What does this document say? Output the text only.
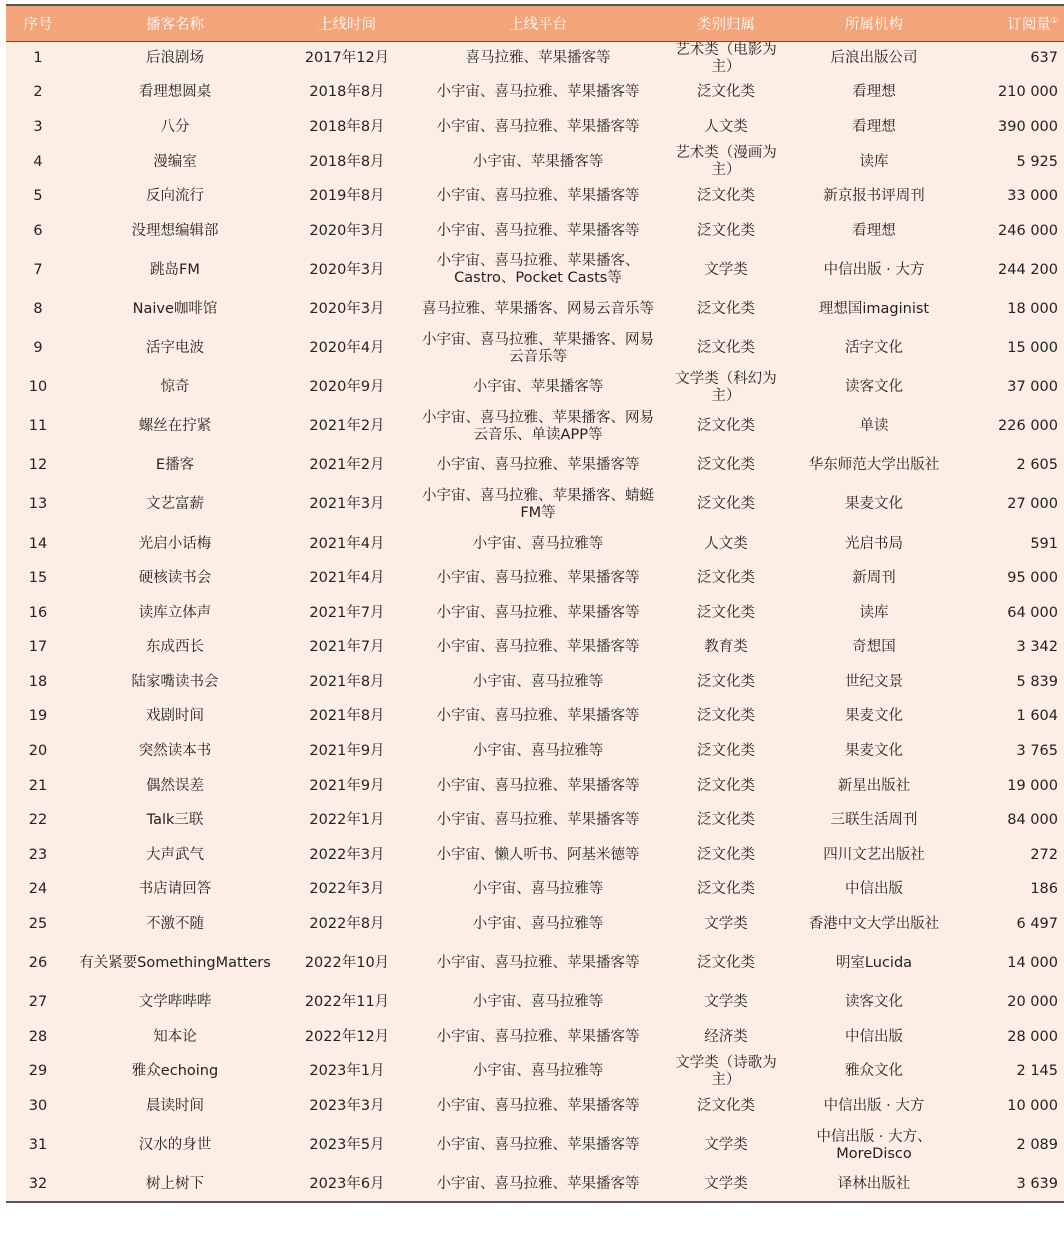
序号	播客名称	上线时间	上线平台	类别归属	所属机构	订阅量①
1	后浪剧场	2017年12月	喜马拉雅、苹果播客等	艺术类（电影为主）	后浪出版公司	637
2	看理想圆桌	2018年8月	小宇宙、喜马拉雅、苹果播客等	泛文化类	看理想	210 000
3	八分	2018年8月	小宇宙、喜马拉雅、苹果播客等	人文类	看理想	390 000
4	漫编室	2018年8月	小宇宙、苹果播客等	艺术类（漫画为主）	读库	5 925
5	反向流行	2019年8月	小宇宙、喜马拉雅、苹果播客等	泛文化类	新京报书评周刊	33 000
6	没理想编辑部	2020年3月	小宇宙、喜马拉雅、苹果播客等	泛文化类	看理想	246 000
7	跳岛FM	2020年3月	小宇宙、喜马拉雅、苹果播客、Castro、Pocket Casts等	文学类	中信出版 · 大方	244 200
8	Naive咖啡馆	2020年3月	喜马拉雅、苹果播客、网易云音乐等	泛文化类	理想国imaginist	18 000
9	活字电波	2020年4月	小宇宙、喜马拉雅、苹果播客、网易云音乐等	泛文化类	活字文化	15 000
10	惊奇	2020年9月	小宇宙、苹果播客等	文学类（科幻为主）	读客文化	37 000
11	螺丝在拧紧	2021年2月	小宇宙、喜马拉雅、苹果播客、网易云音乐、单读APP等	泛文化类	单读	226 000
12	E播客	2021年2月	小宇宙、喜马拉雅、苹果播客等	泛文化类	华东师范大学出版社	2 605
13	文艺富薪	2021年3月	小宇宙、喜马拉雅、苹果播客、蜻蜓FM等	泛文化类	果麦文化	27 000
14	光启小话梅	2021年4月	小宇宙、喜马拉雅等	人文类	光启书局	591
15	硬核读书会	2021年4月	小宇宙、喜马拉雅、苹果播客等	泛文化类	新周刊	95 000
16	读库立体声	2021年7月	小宇宙、喜马拉雅、苹果播客等	泛文化类	读库	64 000
17	东成西长	2021年7月	小宇宙、喜马拉雅、苹果播客等	教育类	奇想国	3 342
18	陆家嘴读书会	2021年8月	小宇宙、喜马拉雅等	泛文化类	世纪文景	5 839
19	戏剧时间	2021年8月	小宇宙、喜马拉雅、苹果播客等	泛文化类	果麦文化	1 604
20	突然读本书	2021年9月	小宇宙、喜马拉雅等	泛文化类	果麦文化	3 765
21	偶然误差	2021年9月	小宇宙、喜马拉雅、苹果播客等	泛文化类	新星出版社	19 000
22	Talk三联	2022年1月	小宇宙、喜马拉雅、苹果播客等	泛文化类	三联生活周刊	84 000
23	大声武气	2022年3月	小宇宙、懒人听书、阿基米德等	泛文化类	四川文艺出版社	272
24	书店请回答	2022年3月	小宇宙、喜马拉雅等	泛文化类	中信出版	186
25	不激不随	2022年8月	小宇宙、喜马拉雅等	文学类	香港中文大学出版社	6 497
26	有关紧要SomethingMatters	2022年10月	小宇宙、喜马拉雅、苹果播客等	泛文化类	明室Lucida	14 000
27	文学哔哔哔	2022年11月	小宇宙、喜马拉雅等	文学类	读客文化	20 000
28	知本论	2022年12月	小宇宙、喜马拉雅、苹果播客等	经济类	中信出版	28 000
29	雅众echoing	2023年1月	小宇宙、喜马拉雅等	文学类（诗歌为主）	雅众文化	2 145
30	晨读时间	2023年3月	小宇宙、喜马拉雅、苹果播客等	泛文化类	中信出版 · 大方	10 000
31	汉水的身世	2023年5月	小宇宙、喜马拉雅、苹果播客等	文学类	中信出版 · 大方、MoreDisco	2 089
32	树上树下	2023年6月	小宇宙、喜马拉雅、苹果播客等	文学类	译林出版社	3 639
